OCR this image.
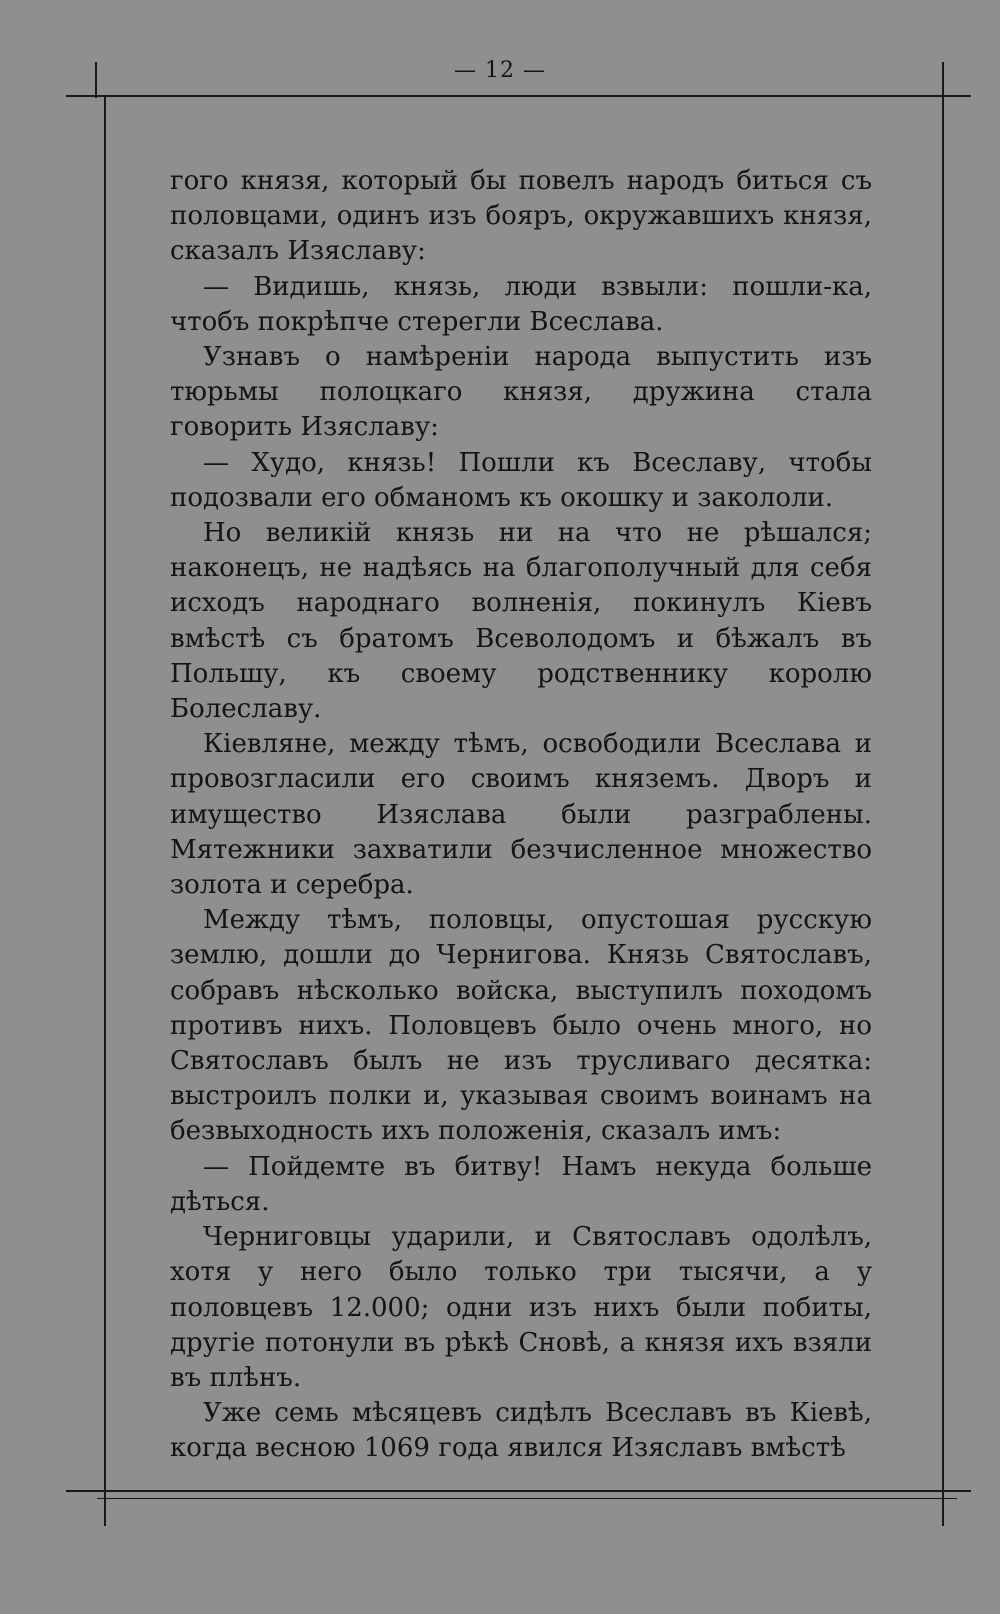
— 12 —

гого князя, который бы повелъ народъ биться съ половцами, одинъ изъ бояръ, окружавшихъ князя, сказалъ Изяславу:

— Видишь, князь, люди взвыли: пошли-ка, чтобъ покрѣпче стерегли Всеслава.

Узнавъ о намѣреніи народа выпустить изъ тюрьмы полоцкаго князя, дружина стала говорить Изяславу:

— Худо, князь! Пошли къ Всеславу, чтобы подозвали его обманомъ къ окошку и закололи.

Но великій князь ни на что не рѣшался; наконецъ, не надѣясь на благополучный для себя исходъ народнаго волненія, покинулъ Кіевъ вмѣстѣ съ братомъ Всеволодомъ и бѣжалъ въ Польшу, къ своему родственнику королю Болеславу.

Кіевляне, между тѣмъ, освободили Всеслава и провозгласили его своимъ княземъ. Дворъ и имущество Изяслава были разграблены. Мятежники захватили безчисленное множество золота и серебра.

Между тѣмъ, половцы, опустошая русскую землю, дошли до Чернигова. Князь Святославъ, собравъ нѣсколько войска, выступилъ походомъ противъ нихъ. Половцевъ было очень много, но Святославъ былъ не изъ трусливаго десятка: выстроилъ полки и, указывая своимъ воинамъ на безвыходность ихъ положенія, сказалъ имъ:

— Пойдемте въ битву! Намъ некуда больше дѣться.

Черниговцы ударили, и Святославъ одолѣлъ, хотя у него было только три тысячи, а у половцевъ 12.000; одни изъ нихъ были побиты, другіе потонули въ рѣкѣ Сновѣ, а князя ихъ взяли въ плѣнъ.

Уже семь мѣсяцевъ сидѣлъ Всеславъ въ Кіевѣ, когда весною 1069 года явился Изяславъ вмѣстѣ
